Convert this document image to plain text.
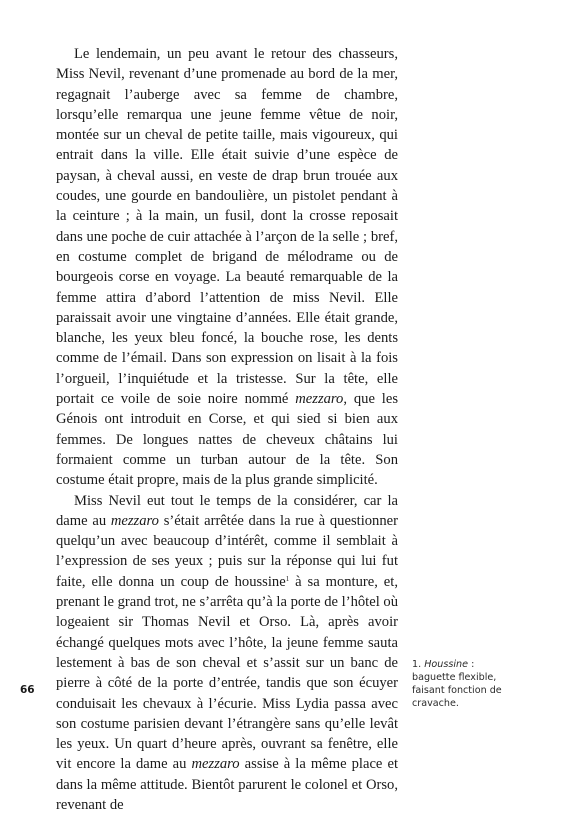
Le lendemain, un peu avant le retour des chasseurs, Miss Nevil, revenant d’une promenade au bord de la mer, regagnait l’auberge avec sa femme de chambre, lorsqu’elle remarqua une jeune femme vêtue de noir, montée sur un cheval de petite taille, mais vigoureux, qui entrait dans la ville. Elle était suivie d’une espèce de paysan, à cheval aussi, en veste de drap brun trouée aux coudes, une gourde en bandoulière, un pistolet pendant à la ceinture ; à la main, un fusil, dont la crosse reposait dans une poche de cuir attachée à l’arçon de la selle ; bref, en costume complet de brigand de mélodrame ou de bourgeois corse en voyage. La beauté remarquable de la femme attira d’abord l’attention de miss Nevil. Elle paraissait avoir une vingtaine d’années. Elle était grande, blanche, les yeux bleu foncé, la bouche rose, les dents comme de l’émail. Dans son expression on lisait à la fois l’orgueil, l’inquiétude et la tristesse. Sur la tête, elle portait ce voile de soie noire nommé mezzaro, que les Génois ont introduit en Corse, et qui sied si bien aux femmes. De longues nattes de cheveux châtains lui formaient comme un turban autour de la tête. Son costume était propre, mais de la plus grande simplicité.

Miss Nevil eut tout le temps de la considérer, car la dame au mezzaro s’était arrêtée dans la rue à questionner quelqu’un avec beaucoup d’intérêt, comme il semblait à l’expression de ses yeux ; puis sur la réponse qui lui fut faite, elle donna un coup de houssine$^1$ à sa monture, et, prenant le grand trot, ne s’arrêta qu’à la porte de l’hôtel où logeaient sir Thomas Nevil et Orso. Là, après avoir échangé quelques mots avec l’hôte, la jeune femme sauta lestement à bas de son cheval et s’assit sur un banc de pierre à côté de la porte d’entrée, tandis que son écuyer conduisait les chevaux à l’écurie. Miss Lydia passa avec son costume parisien devant l’étrangère sans qu’elle levât les yeux. Un quart d’heure après, ouvrant sa fenêtre, elle vit encore la dame au mezzaro assise à la même place et dans la même attitude. Bientôt parurent le colonel et Orso, revenant de

1. Houssine : baguette flexible, faisant fonction de cravache.
66
